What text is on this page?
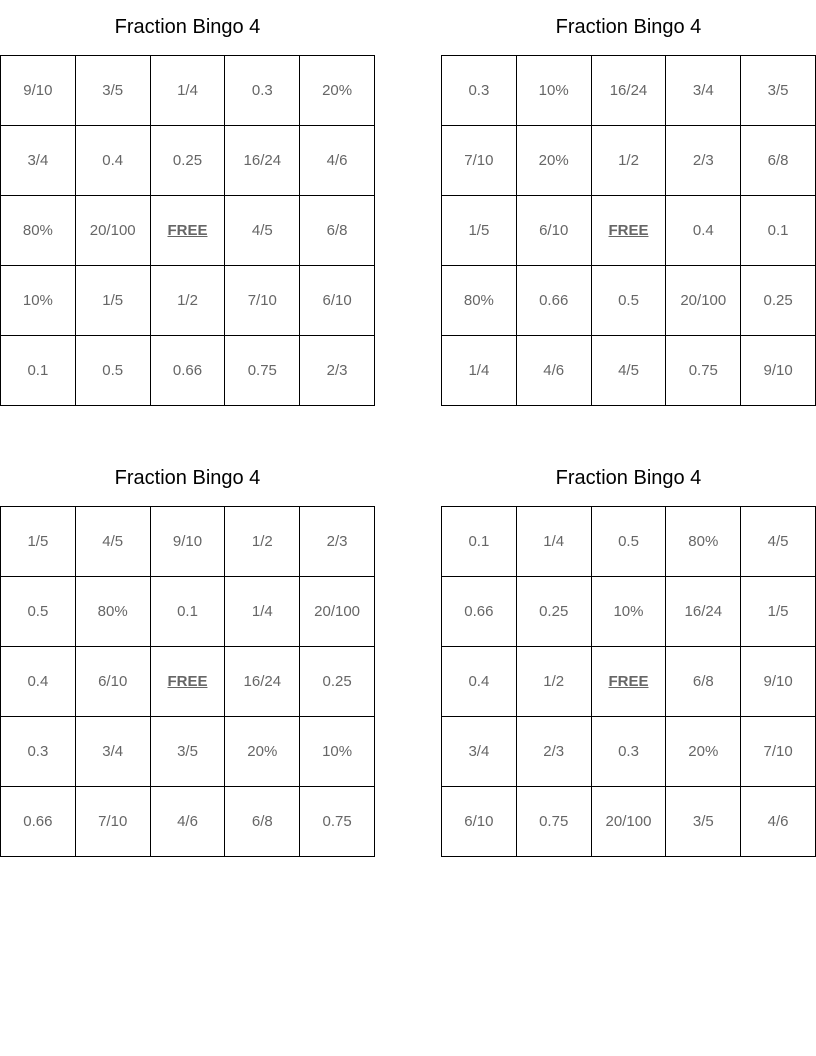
Fraction Bingo 4
9/10	3/5	1/4	0.3	20%
3/4	0.4	0.25	16/24	4/6
80%	20/100	FREE	4/5	6/8
10%	1/5	1/2	7/10	6/10
0.1	0.5	0.66	0.75	2/3
Fraction Bingo 4
0.3	10%	16/24	3/4	3/5
7/10	20%	1/2	2/3	6/8
1/5	6/10	FREE	0.4	0.1
80%	0.66	0.5	20/100	0.25
1/4	4/6	4/5	0.75	9/10
Fraction Bingo 4
1/5	4/5	9/10	1/2	2/3
0.5	80%	0.1	1/4	20/100
0.4	6/10	FREE	16/24	0.25
0.3	3/4	3/5	20%	10%
0.66	7/10	4/6	6/8	0.75
Fraction Bingo 4
0.1	1/4	0.5	80%	4/5
0.66	0.25	10%	16/24	1/5
0.4	1/2	FREE	6/8	9/10
3/4	2/3	0.3	20%	7/10
6/10	0.75	20/100	3/5	4/6
